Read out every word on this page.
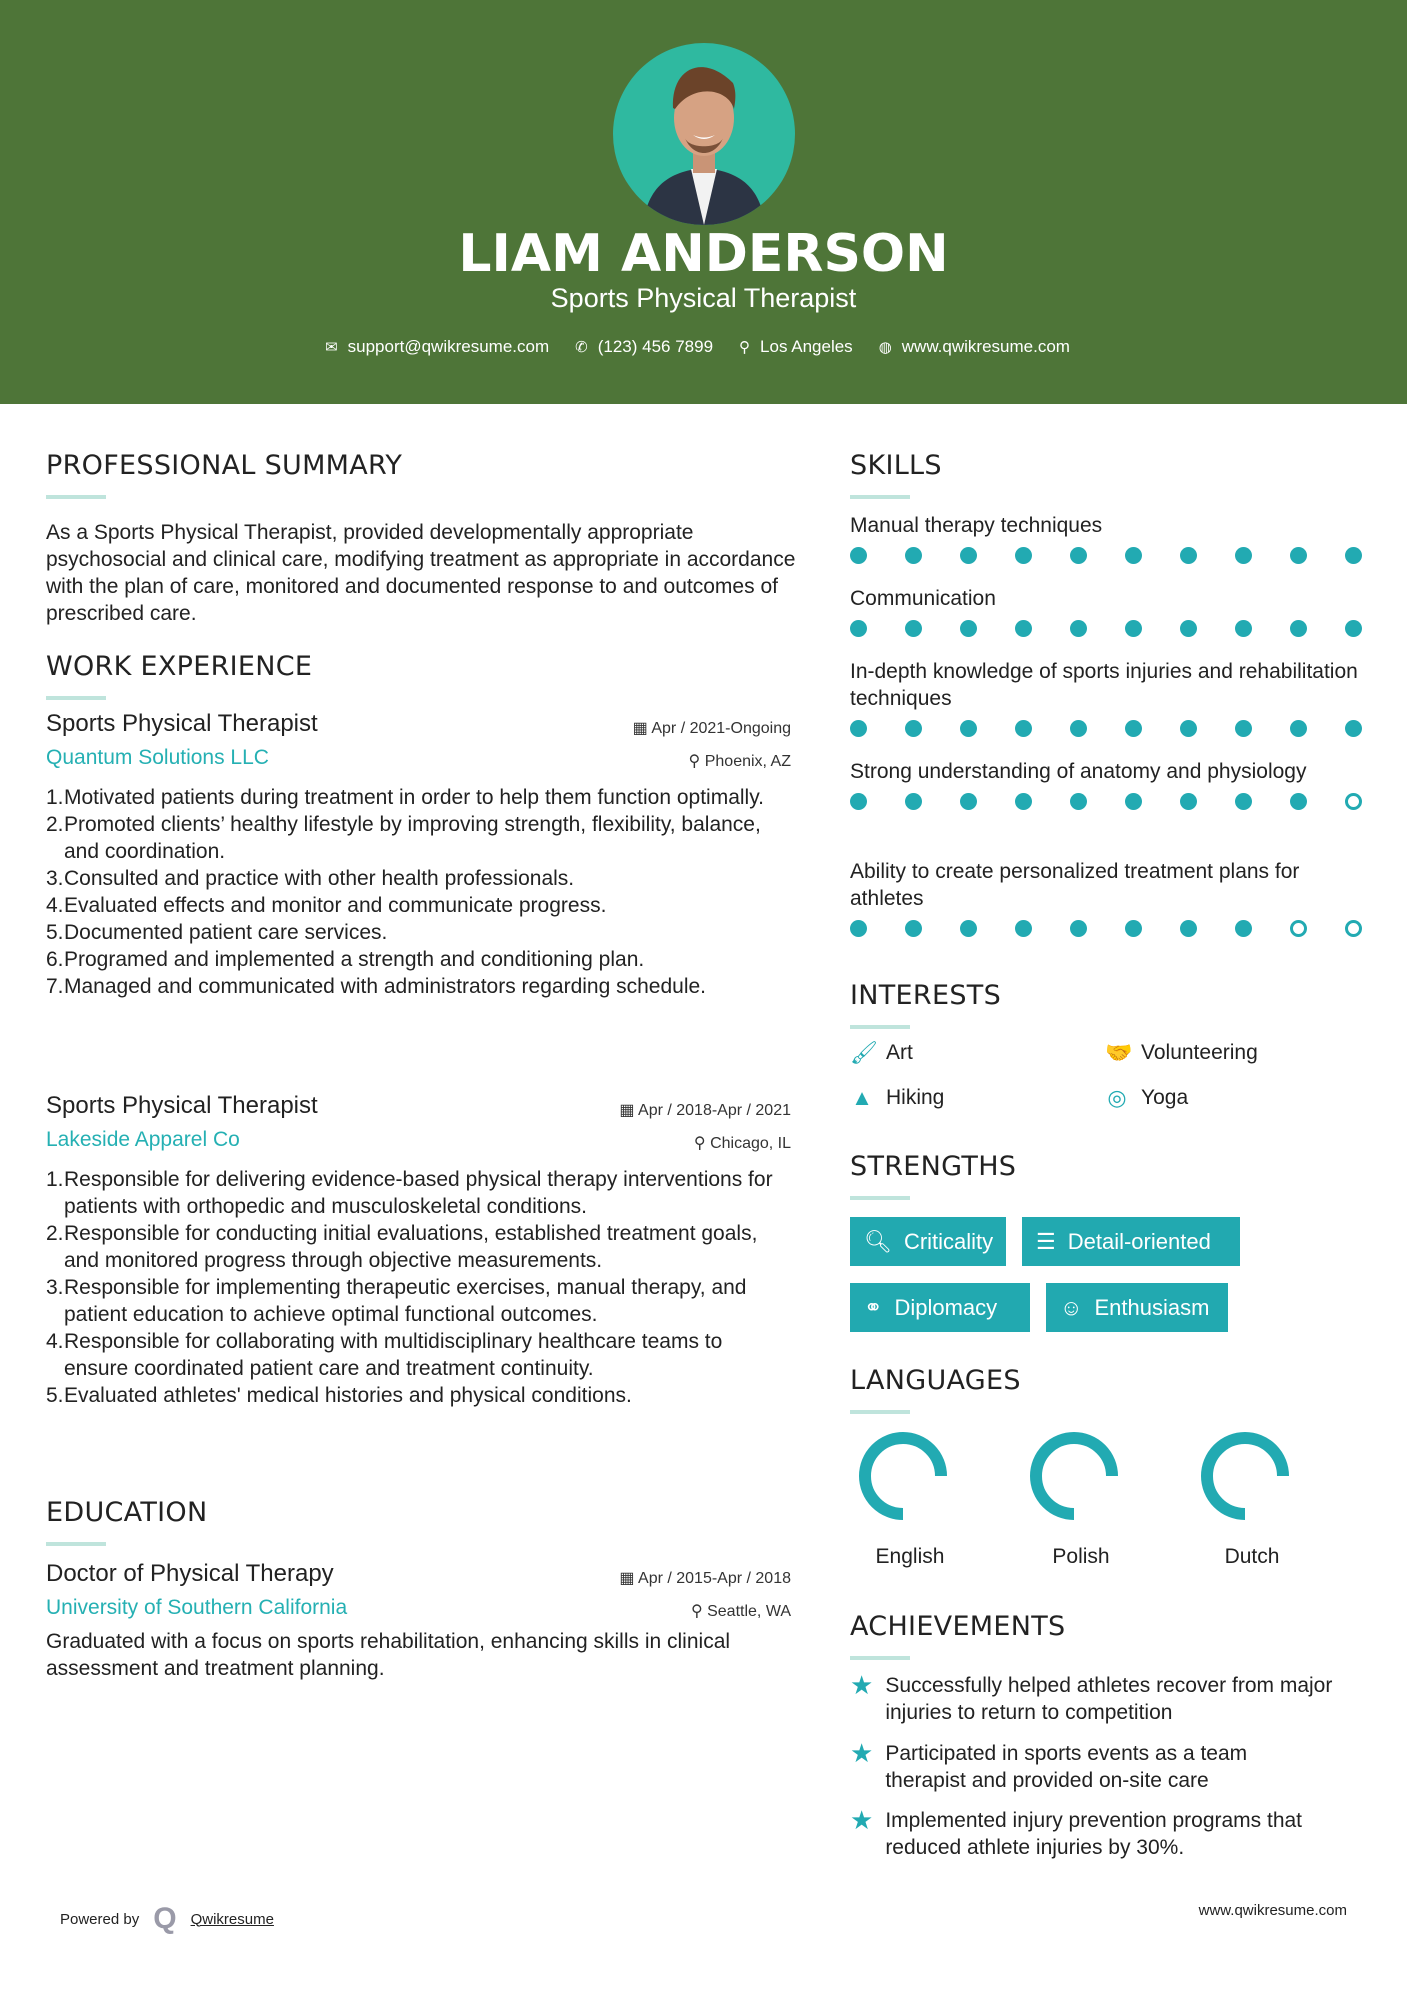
LIAM ANDERSON
Sports Physical Therapist
✉ support@qwikresume.com ✆ (123) 456 7899 ⚲ Los Angeles ◍ www.qwikresume.com
PROFESSIONAL SUMMARY
As a Sports Physical Therapist, provided developmentally appropriate psychosocial and clinical care, modifying treatment as appropriate in accordance with the plan of care, monitored and documented response to and outcomes of prescribed care.
WORK EXPERIENCE
Sports Physical Therapist	▦ Apr / 2021-Ongoing
Quantum Solutions LLC	⚲ Phoenix, AZ
1. Motivated patients during treatment in order to help them function optimally.
2. Promoted clients’ healthy lifestyle by improving strength, flexibility, balance, and coordination.
3. Consulted and practice with other health professionals.
4. Evaluated effects and monitor and communicate progress.
5. Documented patient care services.
6. Programed and implemented a strength and conditioning plan.
7. Managed and communicated with administrators regarding schedule.
Sports Physical Therapist	▦ Apr / 2018-Apr / 2021
Lakeside Apparel Co	⚲ Chicago, IL
1. Responsible for delivering evidence-based physical therapy interventions for patients with orthopedic and musculoskeletal conditions.
2. Responsible for conducting initial evaluations, established treatment goals, and monitored progress through objective measurements.
3. Responsible for implementing therapeutic exercises, manual therapy, and patient education to achieve optimal functional outcomes.
4. Responsible for collaborating with multidisciplinary healthcare teams to ensure coordinated patient care and treatment continuity.
5. Evaluated athletes' medical histories and physical conditions.
EDUCATION
Doctor of Physical Therapy	▦ Apr / 2015-Apr / 2018
University of Southern California	⚲ Seattle, WA
Graduated with a focus on sports rehabilitation, enhancing skills in clinical assessment and treatment planning.
SKILLS
Manual therapy techniques
Communication
In-depth knowledge of sports injuries and rehabilitation techniques
Strong understanding of anatomy and physiology
Ability to create personalized treatment plans for athletes
INTERESTS
🖌 Art	🤝 Volunteering
▲ Hiking	◎ Yoga
STRENGTHS
🔍︎ Criticality ☰ Detail-oriented
⚭ Diplomacy	☺ Enthusiasm
LANGUAGES
English	Polish	Dutch
ACHIEVEMENTS
★ Successfully helped athletes recover from major injuries to return to competition
★ Participated in sports events as a team therapist and provided on-site care
★ Implemented injury prevention programs that reduced athlete injuries by 30%.
Powered by Q Qwikresume	www.qwikresume.com
